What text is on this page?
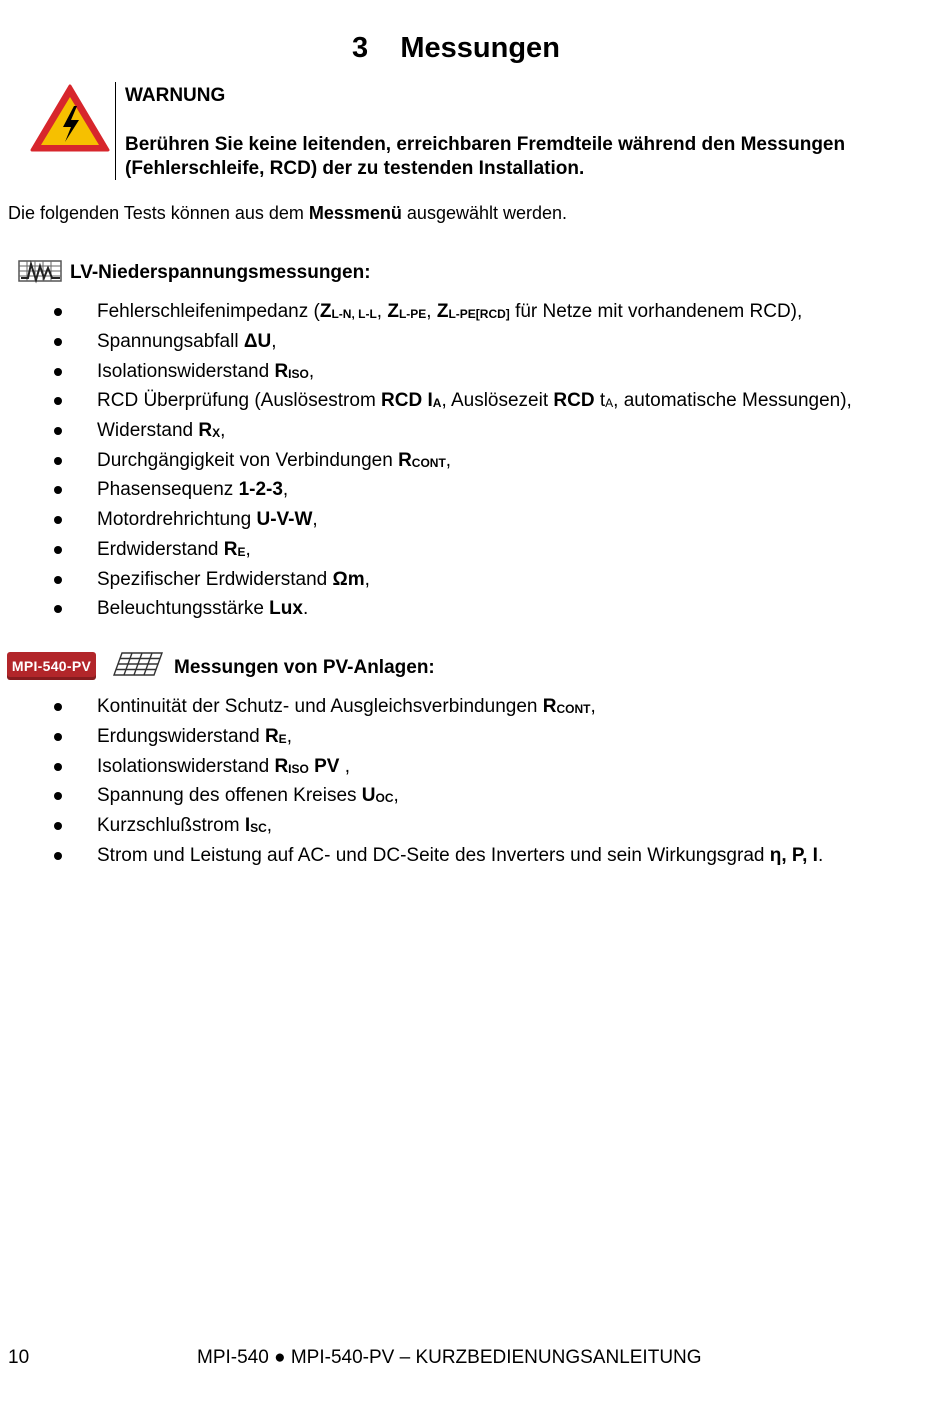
3 Messungen
WARNUNG
Berühren Sie keine leitenden, erreichbaren Fremdteile während den Messungen
(Fehlerschleife, RCD) der zu testenden Installation.
Die folgenden Tests können aus dem Messmenü ausgewählt werden.
LV-Niederspannungsmessungen:
Fehlerschleifenimpedanz ($Z_{L-N, L-L}$, $Z_{L-PE}$, $Z_{L-PE[RCD]}$ für Netze mit vorhandenem RCD),
Spannungsabfall ΔU,
Isolationswiderstand $R_{ISO}$,
RCD Überprüfung (Auslösestrom RCD $I_A$, Auslösezeit RCD $t_A$, automatische Messungen),
Widerstand $R_X$,
Durchgängigkeit von Verbindungen $R_{CONT}$,
Phasensequenz 1-2-3,
Motordrehrichtung U-V-W,
Erdwiderstand $R_E$,
Spezifischer Erdwiderstand Ωm,
Beleuchtungsstärke Lux.
MPI-540-PV	Messungen von PV-Anlagen:
Kontinuität der Schutz- und Ausgleichsverbindungen $R_{CONT}$,
Erdungswiderstand $R_E$,
Isolationswiderstand $R_{ISO}$ PV ,
Spannung des offenen Kreises $U_{OC}$,
Kurzschlußstrom $I_{SC}$,
Strom und Leistung auf AC- und DC-Seite des Inverters und sein Wirkungsgrad η, P, I.
10	MPI-540 ● MPI-540-PV – KURZBEDIENUNGSANLEITUNG
